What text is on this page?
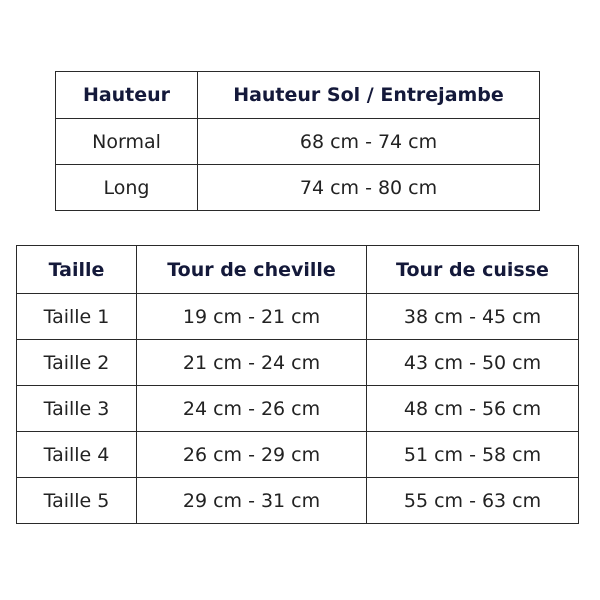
Hauteur	Hauteur Sol / Entrejambe
Normal	68 cm - 74 cm
Long	74 cm - 80 cm
Taille	Tour de cheville	Tour de cuisse
Taille 1	19 cm - 21 cm	38 cm - 45 cm
Taille 2	21 cm - 24 cm	43 cm - 50 cm
Taille 3	24 cm - 26 cm	48 cm - 56 cm
Taille 4	26 cm - 29 cm	51 cm - 58 cm
Taille 5	29 cm - 31 cm	55 cm - 63 cm
